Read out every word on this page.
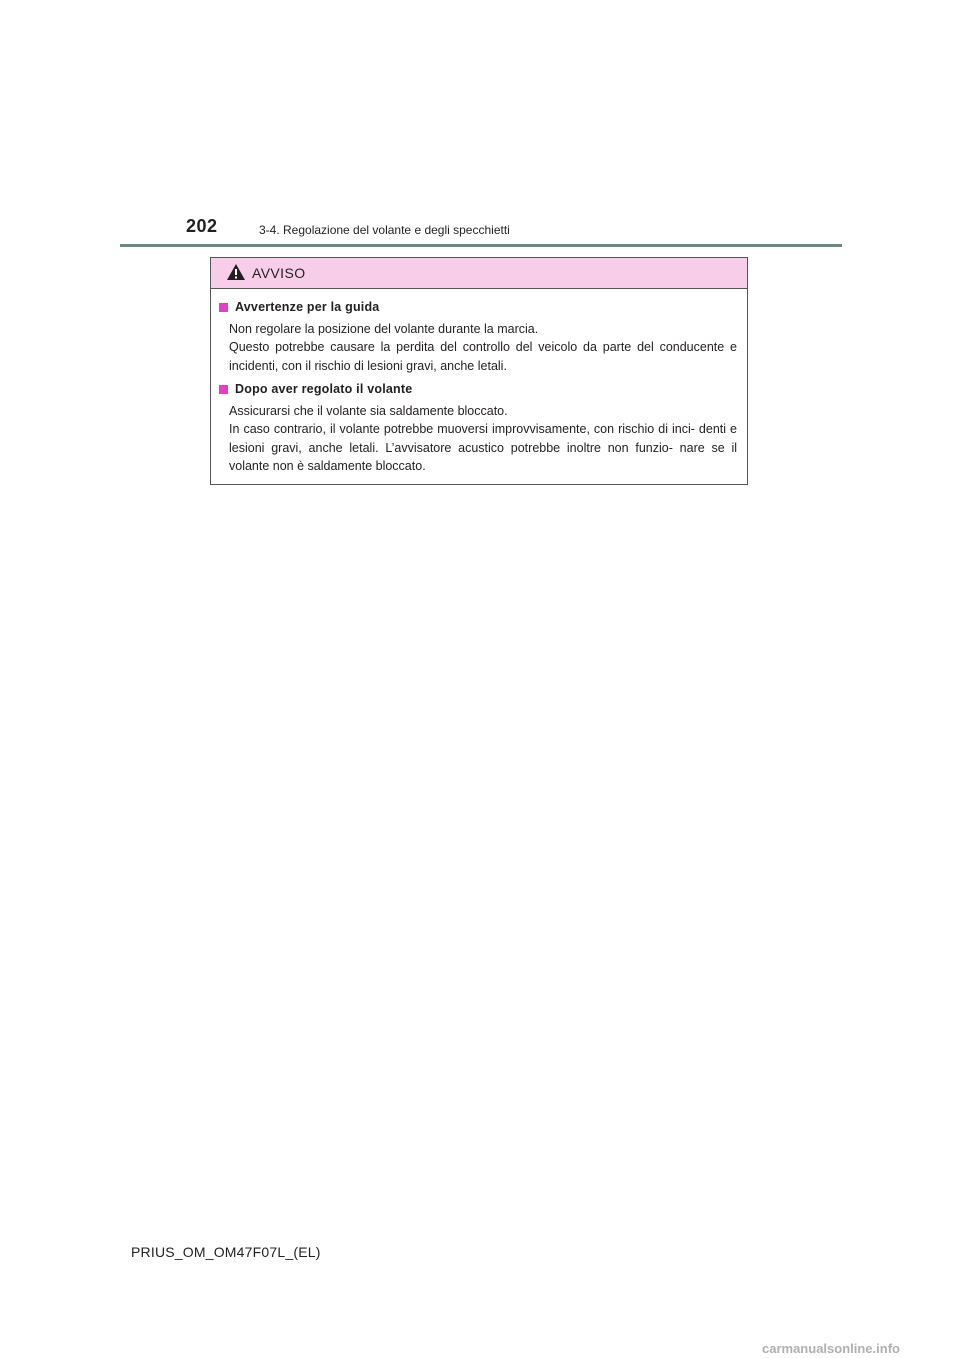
202	3-4. Regolazione del volante e degli specchietti
AVVISO
Avvertenze per la guida

Non regolare la posizione del volante durante la marcia.

Questo potrebbe causare la perdita del controllo del veicolo da parte del conducente e incidenti, con il rischio di lesioni gravi, anche letali.

Dopo aver regolato il volante

Assicurarsi che il volante sia saldamente bloccato.

In caso contrario, il volante potrebbe muoversi improvvisamente, con rischio di inci- denti e lesioni gravi, anche letali. L’avvisatore acustico potrebbe inoltre non funzio- nare se il volante non è saldamente bloccato.

PRIUS_OM_OM47F07L_(EL)
carmanualsonline.info
